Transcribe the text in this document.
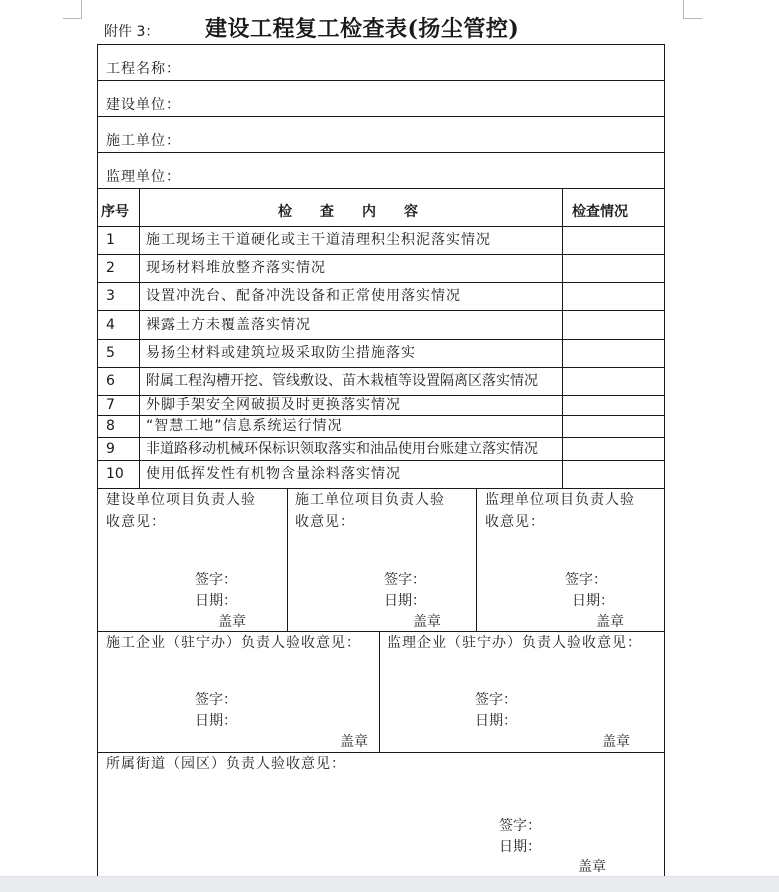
附件 3： 建设工程复工检查表(扬尘管控)
工程名称：
建设单位：
施工单位：
监理单位：
序号	检　　查　　内　　容	检查情况
1 施工现场主干道硬化或主干道清理积尘积泥落实情况
2 现场材料堆放整齐落实情况
3 设置冲洗台、配备冲洗设备和正常使用落实情况
4 裸露土方未覆盖落实情况
5 易扬尘材料或建筑垃圾采取防尘措施落实
6 附属工程沟槽开挖、管线敷设、苗木栽植等设置隔离区落实情况
7 外脚手架安全网破损及时更换落实情况
8 “智慧工地”信息系统运行情况
9 非道路移动机械环保标识领取落实和油品使用台账建立落实情况
10 使用低挥发性有机物含量涂料落实情况
建设单位项目负责人验
收意见：
签字：
日期：
盖章
施工单位项目负责人验
收意见：
签字：
日期：
盖章
监理单位项目负责人验
收意见：
签字：
日期：
盖章
施工企业（驻宁办）负责人验收意见：
签字：
日期：
盖章
监理企业（驻宁办）负责人验收意见：
签字：
日期：
盖章
所属街道（园区）负责人验收意见：
签字：
日期：
盖章
